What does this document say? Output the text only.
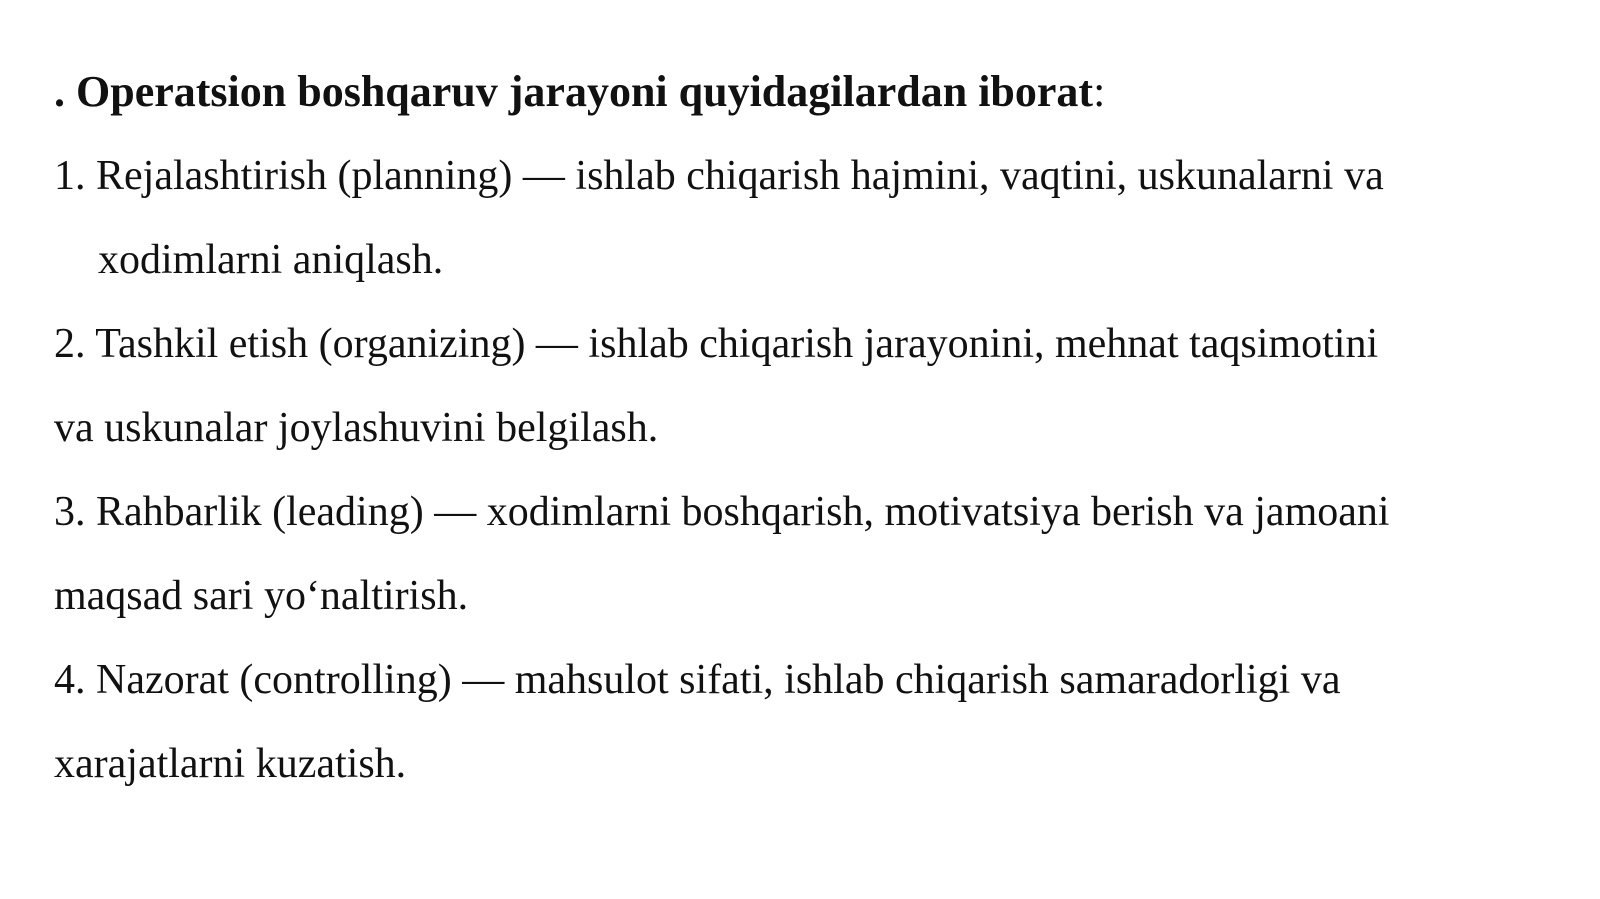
. Operatsion boshqaruv jarayoni quyidagilardan iborat:

1. Rejalashtirish (planning) — ishlab chiqarish hajmini, vaqtini, uskunalarni va
xodimlarni aniqlash.

2. Tashkil etish (organizing) — ishlab chiqarish jarayonini, mehnat taqsimotini
va uskunalar joylashuvini belgilash.

3. Rahbarlik (leading) — xodimlarni boshqarish, motivatsiya berish va jamoani
maqsad sari yo‘naltirish.

4. Nazorat (controlling) — mahsulot sifati, ishlab chiqarish samaradorligi va
xarajatlarni kuzatish.
